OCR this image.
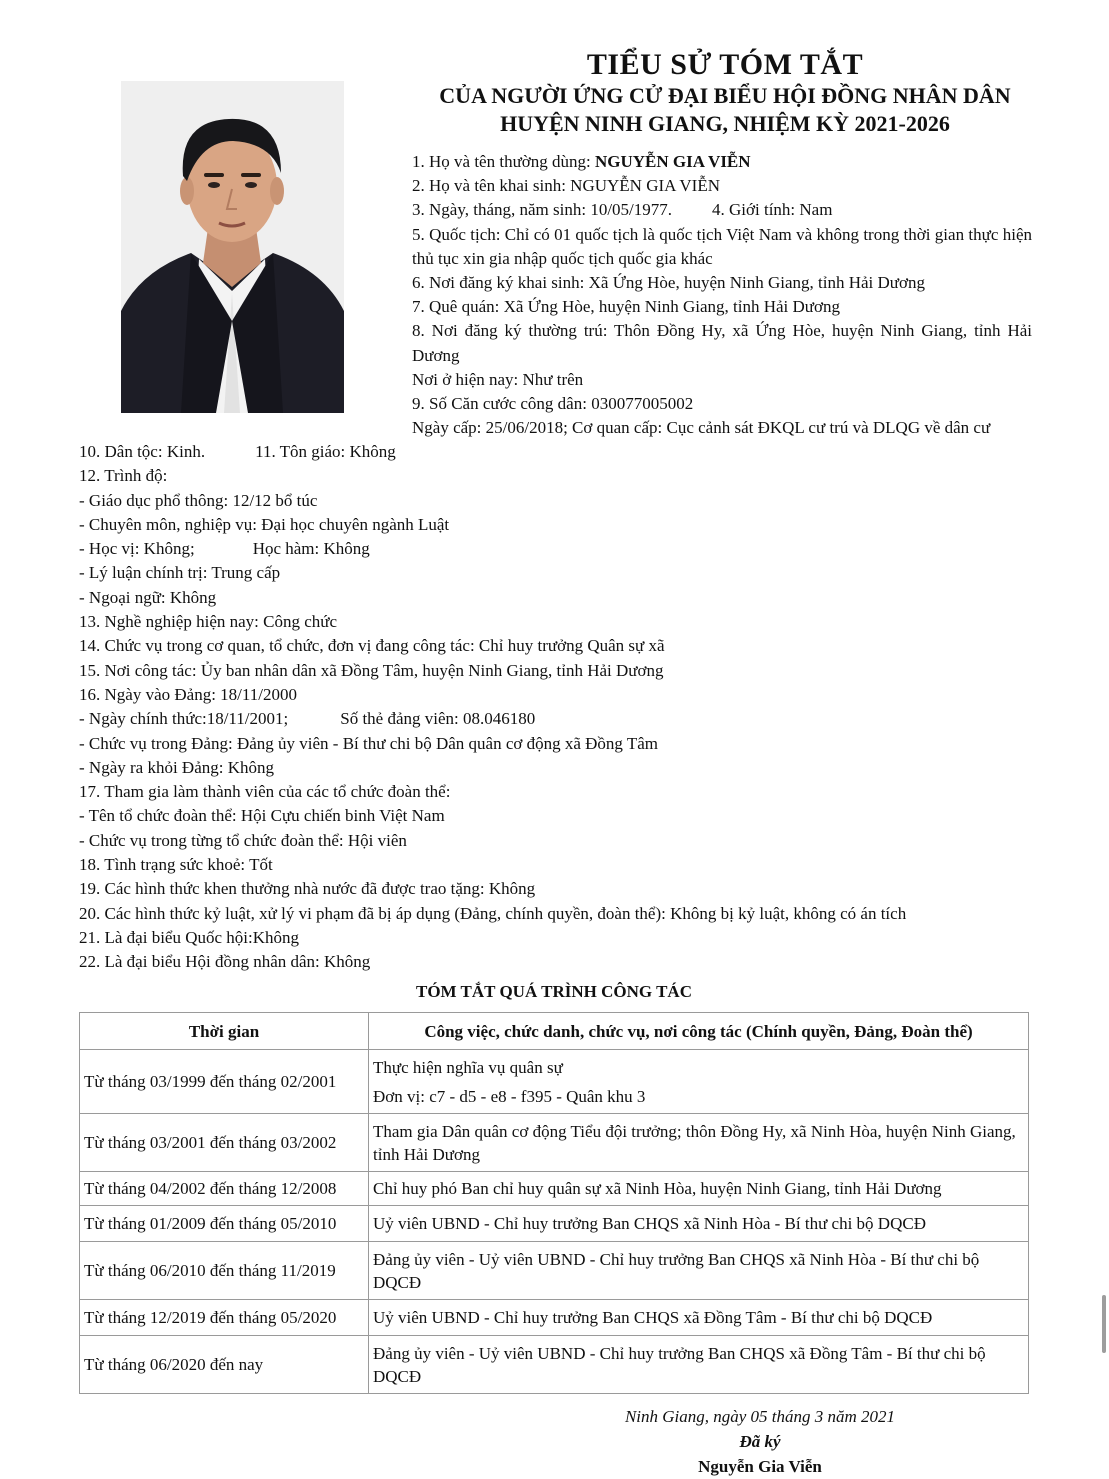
TIỂU SỬ TÓM TẮT
CỦA NGƯỜI ỨNG CỬ ĐẠI BIỂU HỘI ĐỒNG NHÂN DÂN
HUYỆN NINH GIANG, NHIỆM KỲ 2021-2026
1. Họ và tên thường dùng: NGUYỄN GIA VIỄN
2. Họ và tên khai sinh: NGUYỄN GIA VIỄN
3. Ngày, tháng, năm sinh: 10/05/1977. 4. Giới tính: Nam
5. Quốc tịch: Chỉ có 01 quốc tịch là quốc tịch Việt Nam và không trong thời gian thực hiện thủ tục xin gia nhập quốc tịch quốc gia khác
6. Nơi đăng ký khai sinh: Xã Ứng Hòe, huyện Ninh Giang, tỉnh Hải Dương
7. Quê quán: Xã Ứng Hòe, huyện Ninh Giang, tỉnh Hải Dương
8. Nơi đăng ký thường trú: Thôn Đồng Hy, xã Ứng Hòe, huyện Ninh Giang, tỉnh Hải Dương
Nơi ở hiện nay: Như trên
9. Số Căn cước công dân: 030077005002
Ngày cấp: 25/06/2018; Cơ quan cấp: Cục cảnh sát ĐKQL cư trú và DLQG về dân cư
10. Dân tộc: Kinh.	11. Tôn giáo: Không
12. Trình độ:
- Giáo dục phổ thông: 12/12 bổ túc
- Chuyên môn, nghiệp vụ: Đại học chuyên ngành Luật
- Học vị: Không;	Học hàm: Không
- Lý luận chính trị: Trung cấp
- Ngoại ngữ: Không
13. Nghề nghiệp hiện nay: Công chức
14. Chức vụ trong cơ quan, tổ chức, đơn vị đang công tác: Chỉ huy trưởng Quân sự xã
15. Nơi công tác: Ủy ban nhân dân xã Đồng Tâm, huyện Ninh Giang, tỉnh Hải Dương
16. Ngày vào Đảng: 18/11/2000
- Ngày chính thức:18/11/2001;	Số thẻ đảng viên: 08.046180
- Chức vụ trong Đảng: Đảng ủy viên - Bí thư chi bộ Dân quân cơ động xã Đồng Tâm
- Ngày ra khỏi Đảng: Không
17. Tham gia làm thành viên của các tổ chức đoàn thể:
- Tên tổ chức đoàn thể: Hội Cựu chiến binh Việt Nam
- Chức vụ trong từng tổ chức đoàn thể: Hội viên
18. Tình trạng sức khoẻ: Tốt
19. Các hình thức khen thưởng nhà nước đã được trao tặng: Không
20. Các hình thức kỷ luật, xử lý vi phạm đã bị áp dụng (Đảng, chính quyền, đoàn thể): Không bị kỷ luật, không có án tích
21. Là đại biểu Quốc hội:Không
22. Là đại biểu Hội đồng nhân dân: Không
TÓM TẮT QUÁ TRÌNH CÔNG TÁC
Thời gian	Công việc, chức danh, chức vụ, nơi công tác (Chính quyền, Đảng, Đoàn thể)
Từ tháng 03/1999 đến tháng 02/2001	Thực hiện nghĩa vụ quân sự
Đơn vị: c7 - d5 - e8 - f395 - Quân khu 3

Từ tháng 03/2001 đến tháng 03/2002	Tham gia Dân quân cơ động Tiểu đội trưởng; thôn Đồng Hy, xã Ninh Hòa, huyện Ninh Giang, tỉnh Hải Dương
Từ tháng 04/2002 đến tháng 12/2008	Chỉ huy phó Ban chỉ huy quân sự xã Ninh Hòa, huyện Ninh Giang, tỉnh Hải Dương
Từ tháng 01/2009 đến tháng 05/2010	Uỷ viên UBND - Chỉ huy trưởng Ban CHQS xã Ninh Hòa - Bí thư chi bộ DQCĐ
Từ tháng 06/2010 đến tháng 11/2019	Đảng ủy viên - Uỷ viên UBND - Chỉ huy trưởng Ban CHQS xã Ninh Hòa - Bí thư chi bộ DQCĐ
Từ tháng 12/2019 đến tháng 05/2020	Uỷ viên UBND - Chỉ huy trưởng Ban CHQS xã Đồng Tâm - Bí thư chi bộ DQCĐ
Từ tháng 06/2020 đến nay	Đảng ủy viên - Uỷ viên UBND - Chỉ huy trưởng Ban CHQS xã Đồng Tâm - Bí thư chi bộ DQCĐ
Ninh Giang, ngày 05 tháng 3 năm 2021
Đã ký
Nguyễn Gia Viễn
